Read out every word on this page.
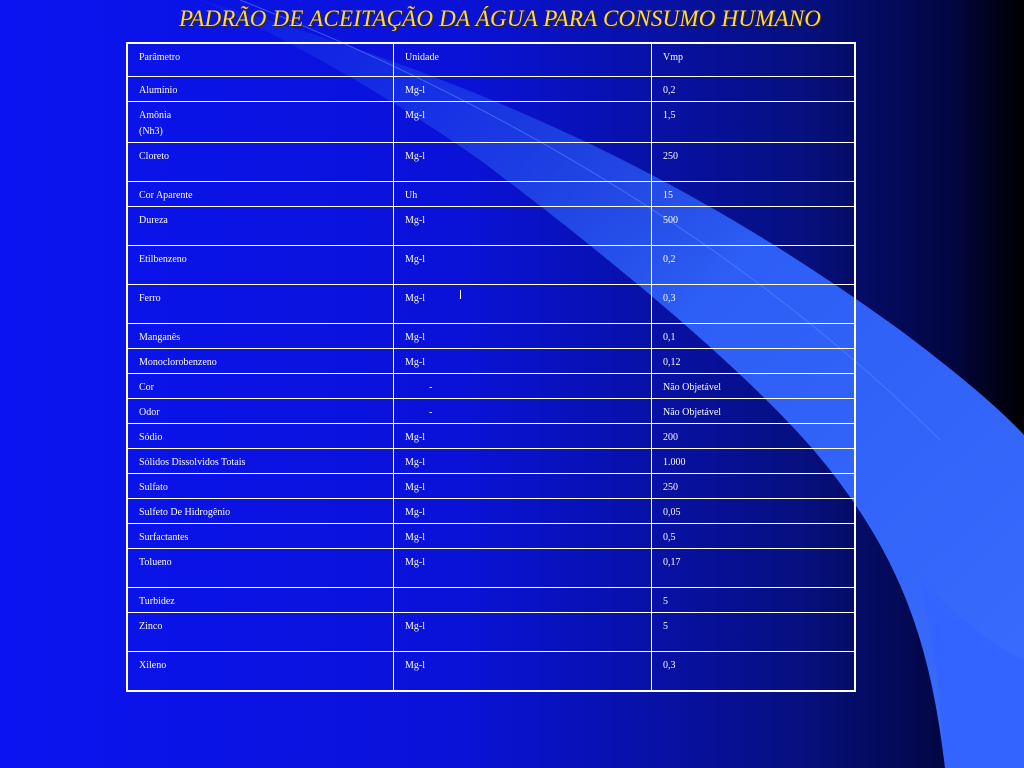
PADRÃO DE ACEITAÇÃO DA ÁGUA PARA CONSUMO HUMANO
Parâmetro	Unidade	Vmp

Alumínio	Mg-l	0,2

Amônia
(Nh3)	Mg-l	1,5

Cloreto	Mg-l	250

Cor Aparente	Uh	15

Dureza	Mg-l	500

Etilbenzeno	Mg-l	0,2

Ferro	Mg-l	0,3

Manganês	Mg-l	0,1

Monoclorobenzeno	Mg-l	0,12

Cor	-	Não Objetável

Odor	-	Não Objetável

Sódio	Mg-l	200

Sólidos Dissolvidos Totais	Mg-l	1.000

Sulfato	Mg-l	250

Sulfeto De Hidrogênio	Mg-l	0,05

Surfactantes	Mg-l	0,5

Tolueno	Mg-l	0,17

Turbidez		5

Zinco	Mg-l	5

Xileno	Mg-l	0,3
